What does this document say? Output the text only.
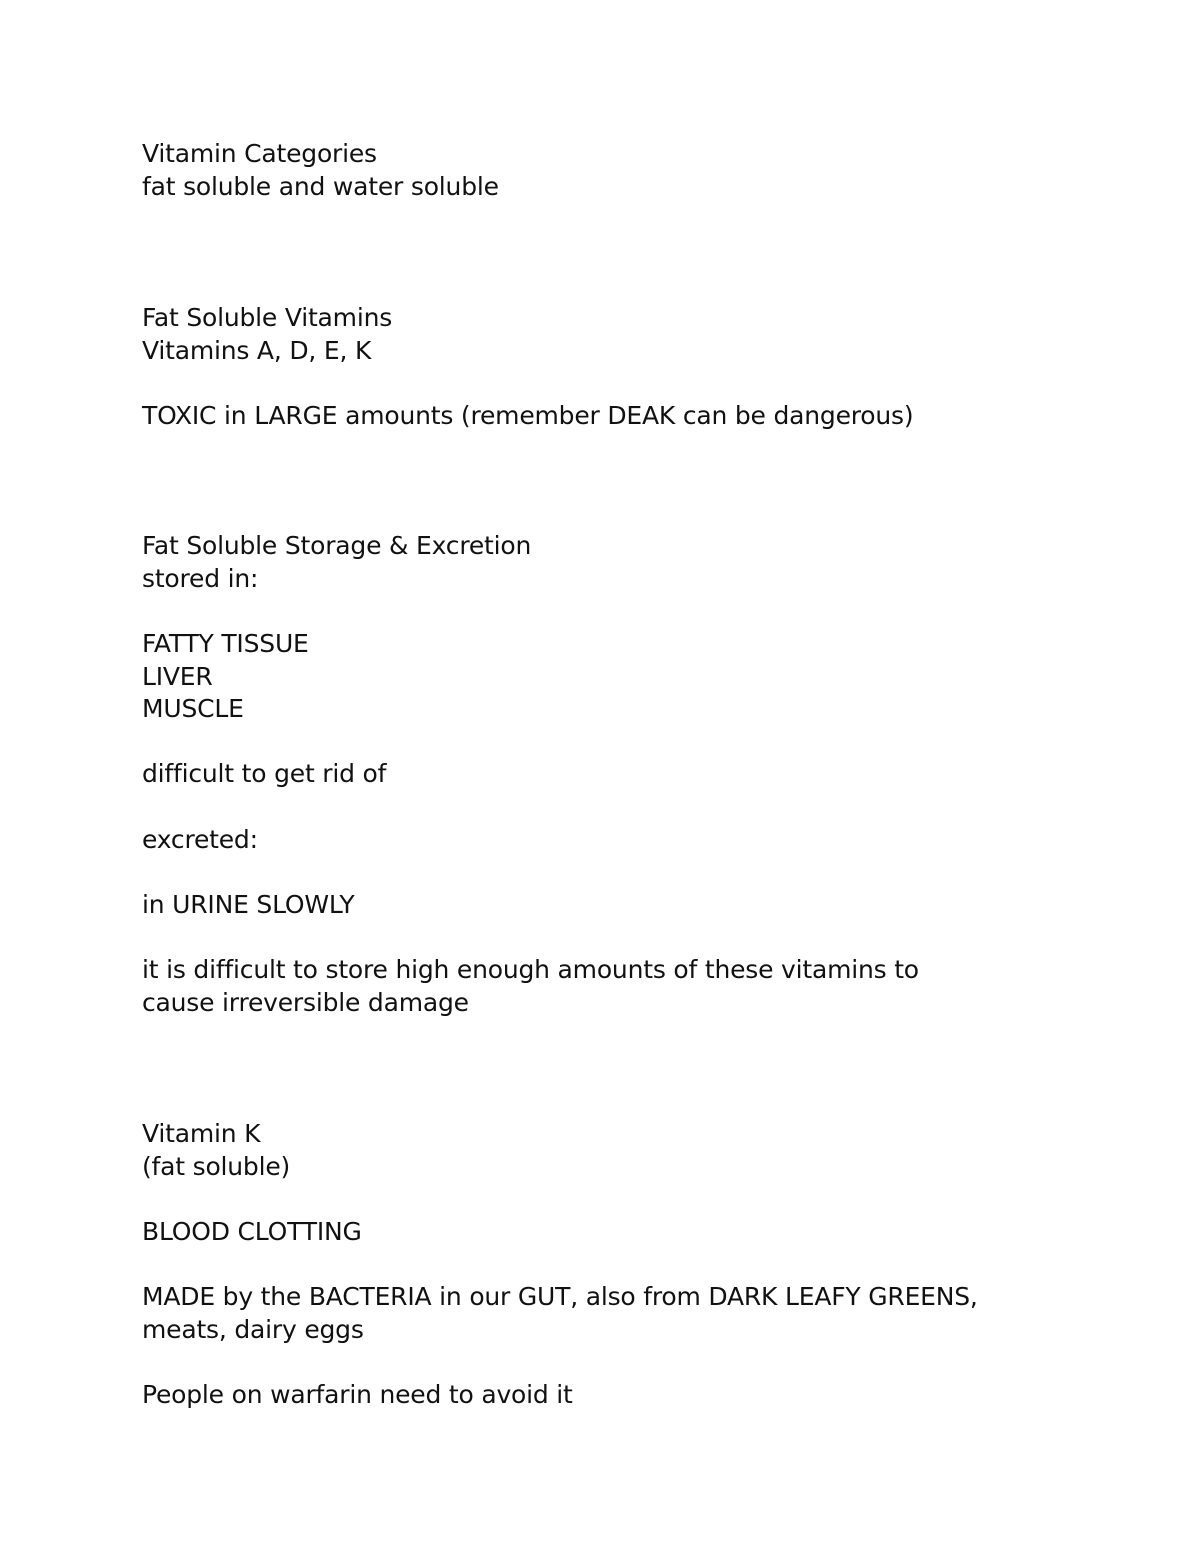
Vitamin Categories
fat soluble and water soluble
Fat Soluble Vitamins
Vitamins A, D, E, K
TOXIC in LARGE amounts (remember DEAK can be dangerous)
Fat Soluble Storage & Excretion
stored in:
FATTY TISSUE
LIVER
MUSCLE
difficult to get rid of
excreted:
in URINE SLOWLY
it is difficult to store high enough amounts of these vitamins to
cause irreversible damage
Vitamin K
(fat soluble)
BLOOD CLOTTING
MADE by the BACTERIA in our GUT, also from DARK LEAFY GREENS,
meats, dairy eggs
People on warfarin need to avoid it
